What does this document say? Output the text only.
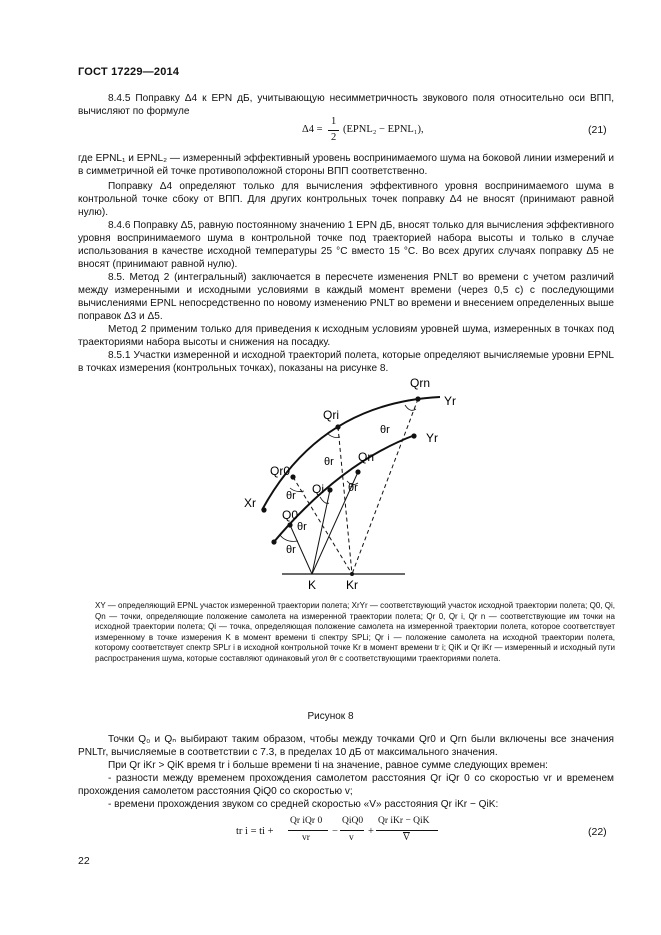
ГОСТ 17229—2014
8.4.5 Поправку Δ4 к EPN дБ, учитывающую несимметричность звукового поля относительно оси ВПП, вычисляют по формуле
Δ4 =
1
2
(EPNL₂ − EPNL₁),	(21)
где EPNL₁ и EPNL₂ — измеренный эффективный уровень воспринимаемого шума на боковой линии измерений и в симметричной ей точке противоположной стороны ВПП соответственно.
Поправку Δ4 определяют только для вычисления эффективного уровня воспринимаемого шума в контрольной точке сбоку от ВПП. Для других контрольных точек поправку Δ4 не вносят (принимают равной нулю).
8.4.6 Поправку Δ5, равную постоянному значению 1 EPN дБ, вносят только для вычисления эффективного уровня воспринимаемого шума в контрольной точке под траекторией набора высоты и только в случае использования в качестве исходной температуры 25 °С вместо 15 °С. Во всех других случаях поправку Δ5 не вносят (принимают равной нулю).
8.5. Метод 2 (интегральный) заключается в пересчете изменения PNLT во времени с учетом различий между измеренными и исходными условиями в каждый момент времени (через 0,5 с) с последующими вычислениями EPNL непосредственно по новому изменению PNLT во времени и внесением определенных выше поправок Δ3 и Δ5.
Метод 2 применим только для приведения к исходным условиям уровней шума, измеренных в точках под траекториями набора высоты и снижения на посадку.
8.5.1 Участки измеренной и исходной траекторий полета, которые определяют вычисляемые уровни EPNL в точках измерения (контрольных точках), показаны на рисунке 8.
Qrn
Yr
Qri
Yr
Qn
Qr0
Xr
Qi
Q0
K Kr
θr
θr
θr
θr
θr
θr
XY — определяющий EPNL участок измеренной траектории полета; XrYr — соответствующий участок исходной траектории полета; Q0, Qi, Qn — точки, определяющие положение самолета на измеренной траектории полета; Qr 0, Qr i, Qr n — соответствующие им точки на исходной траектории полета; Qi — точка, определяющая положение самолета на измеренной траектории полета, которое соответствует измеренному в точке измерения K в момент времени ti спектру SPLi; Qr i — положение самолета на исходной траектории полета, которому соответствует спектр SPLr i в исходной контрольной точке Kr в момент времени tr i; QiK и Qr iKr — измеренный и исходный пути распространения шума, которые составляют одинаковый угол θr с соответствующими траекториями полета.
Рисунок 8
Точки Q₀ и Qₙ выбирают таким образом, чтобы между точками Qr0 и Qrn были включены все значения PNLTr, вычисляемые в соответствии с 7.3, в пределах 10 дБ от максимального значения.
При Qr iKr > QiK время tr i больше времени ti на значение, равное сумме следующих времен:
- разности между временем прохождения самолетом расстояния Qr iQr 0 со скоростью vr и временем прохождения самолетом расстояния QiQ0 со скоростью v;
- времени прохождения звуком со средней скоростью «V» расстояния Qr iKr − QiK:
tr i = ti +
Qr iQr 0
vr
−
QiQ0
v
+
Qr iKr − QiK
$\overline{V}$	(22)
22
